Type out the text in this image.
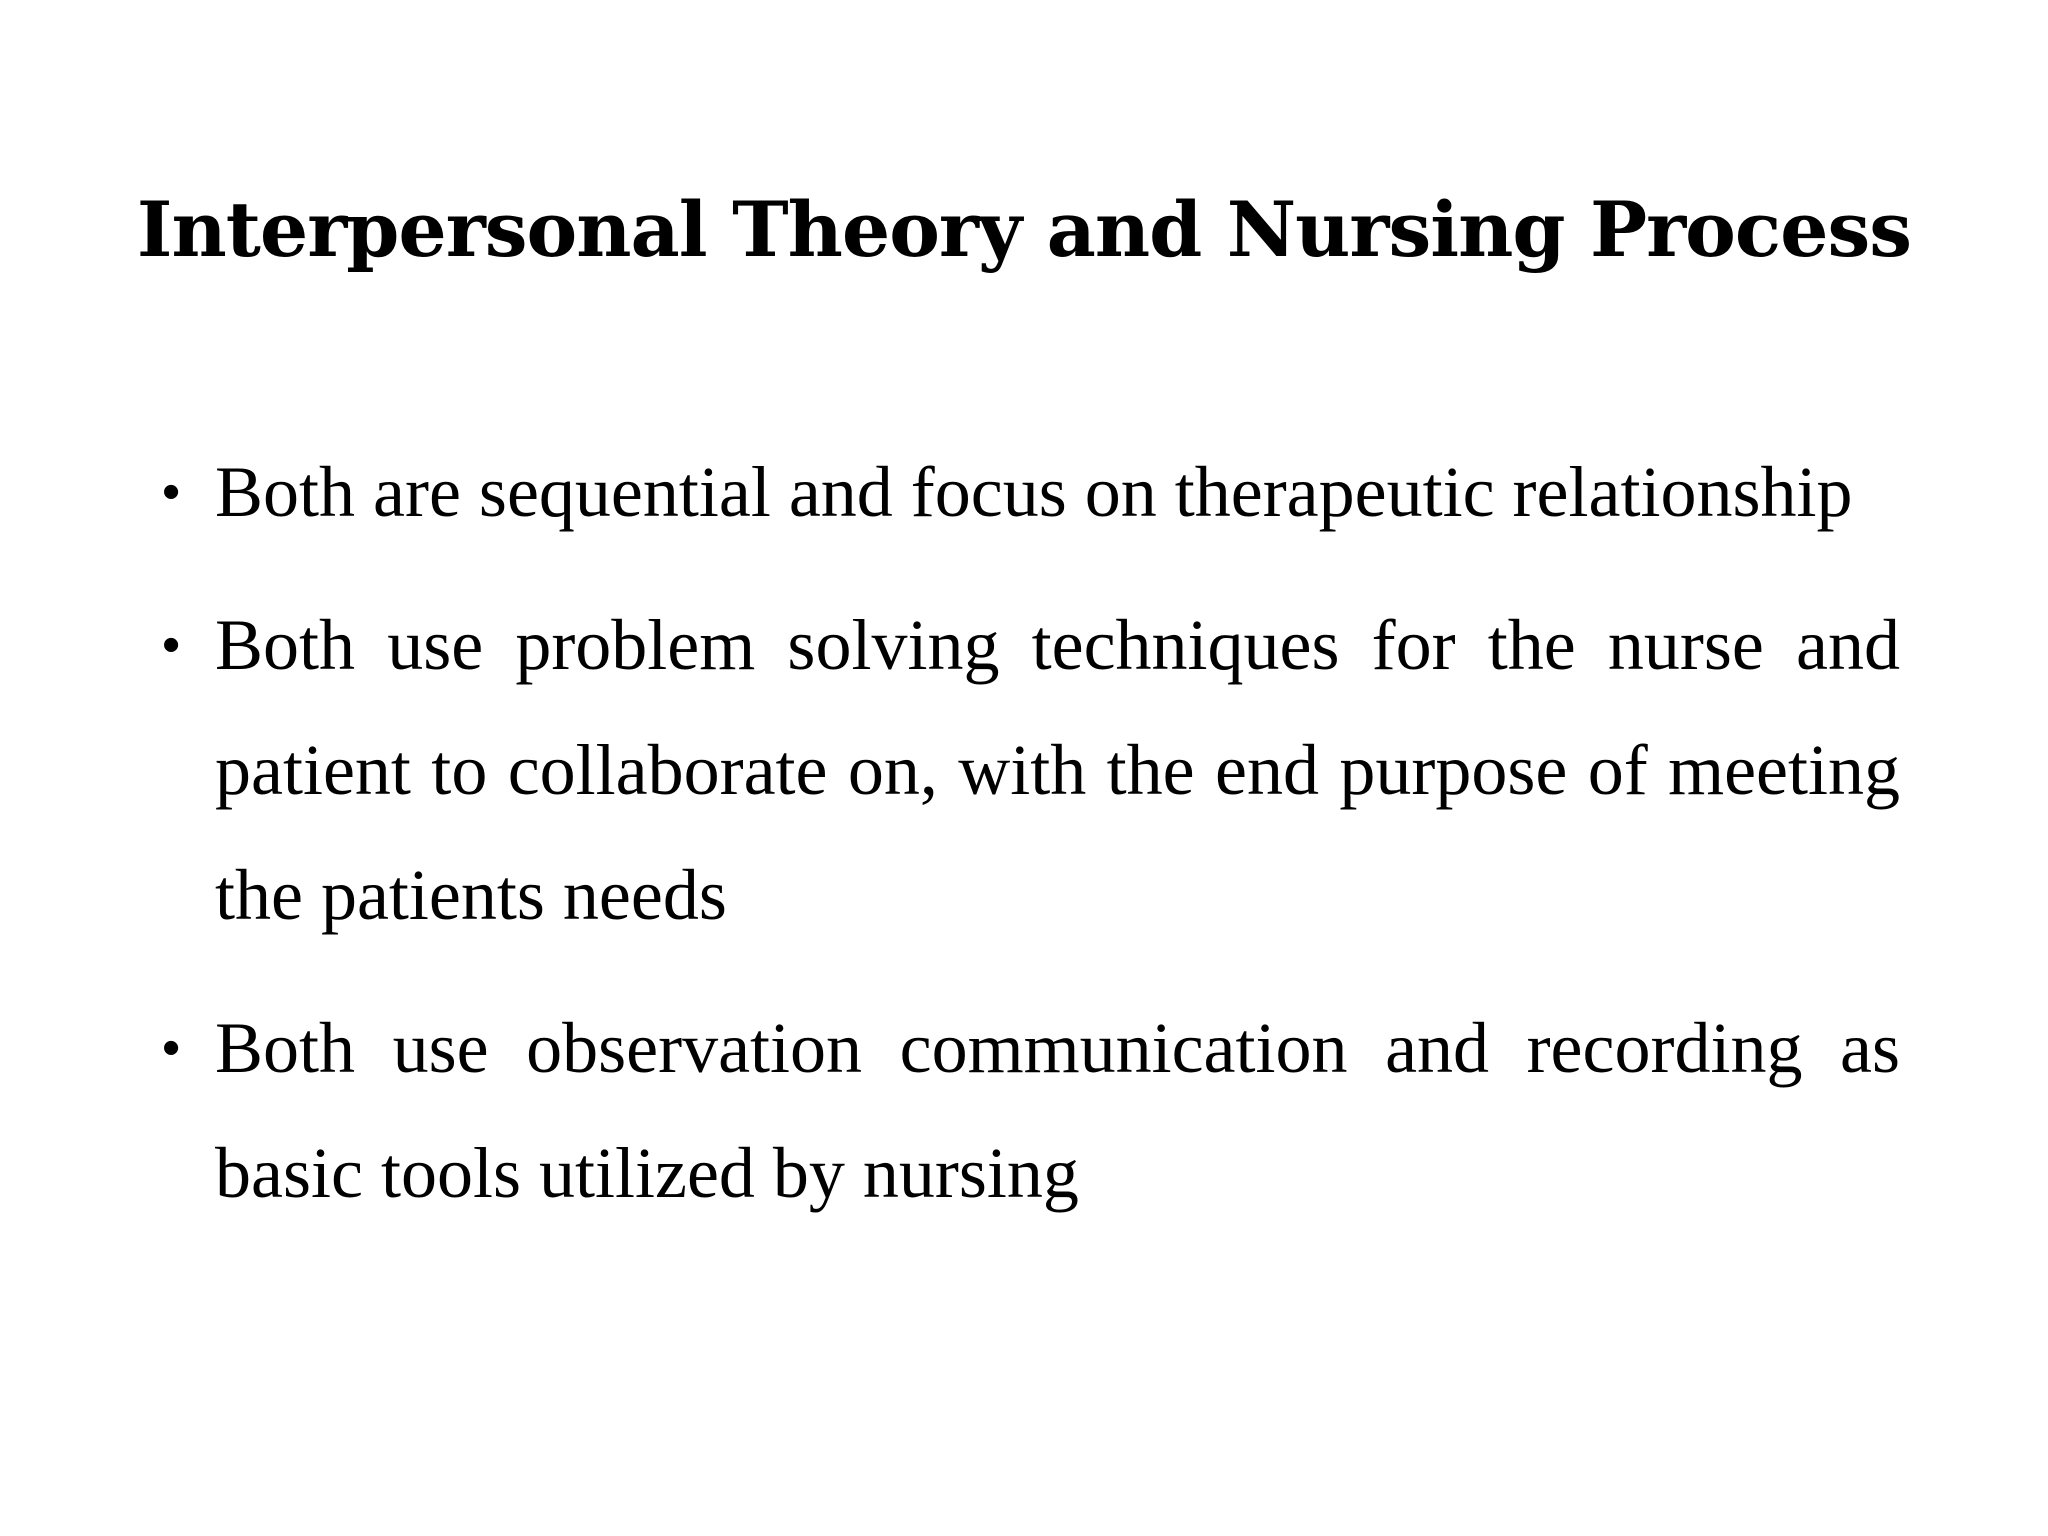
Interpersonal Theory and Nursing Process
• Both are sequential and focus on therapeutic relationship
• Both use problem solving techniques for the nurse and patient to collaborate on, with the end purpose of meeting the patients needs
• Both use observation communication and recording as basic tools utilized by nursing
